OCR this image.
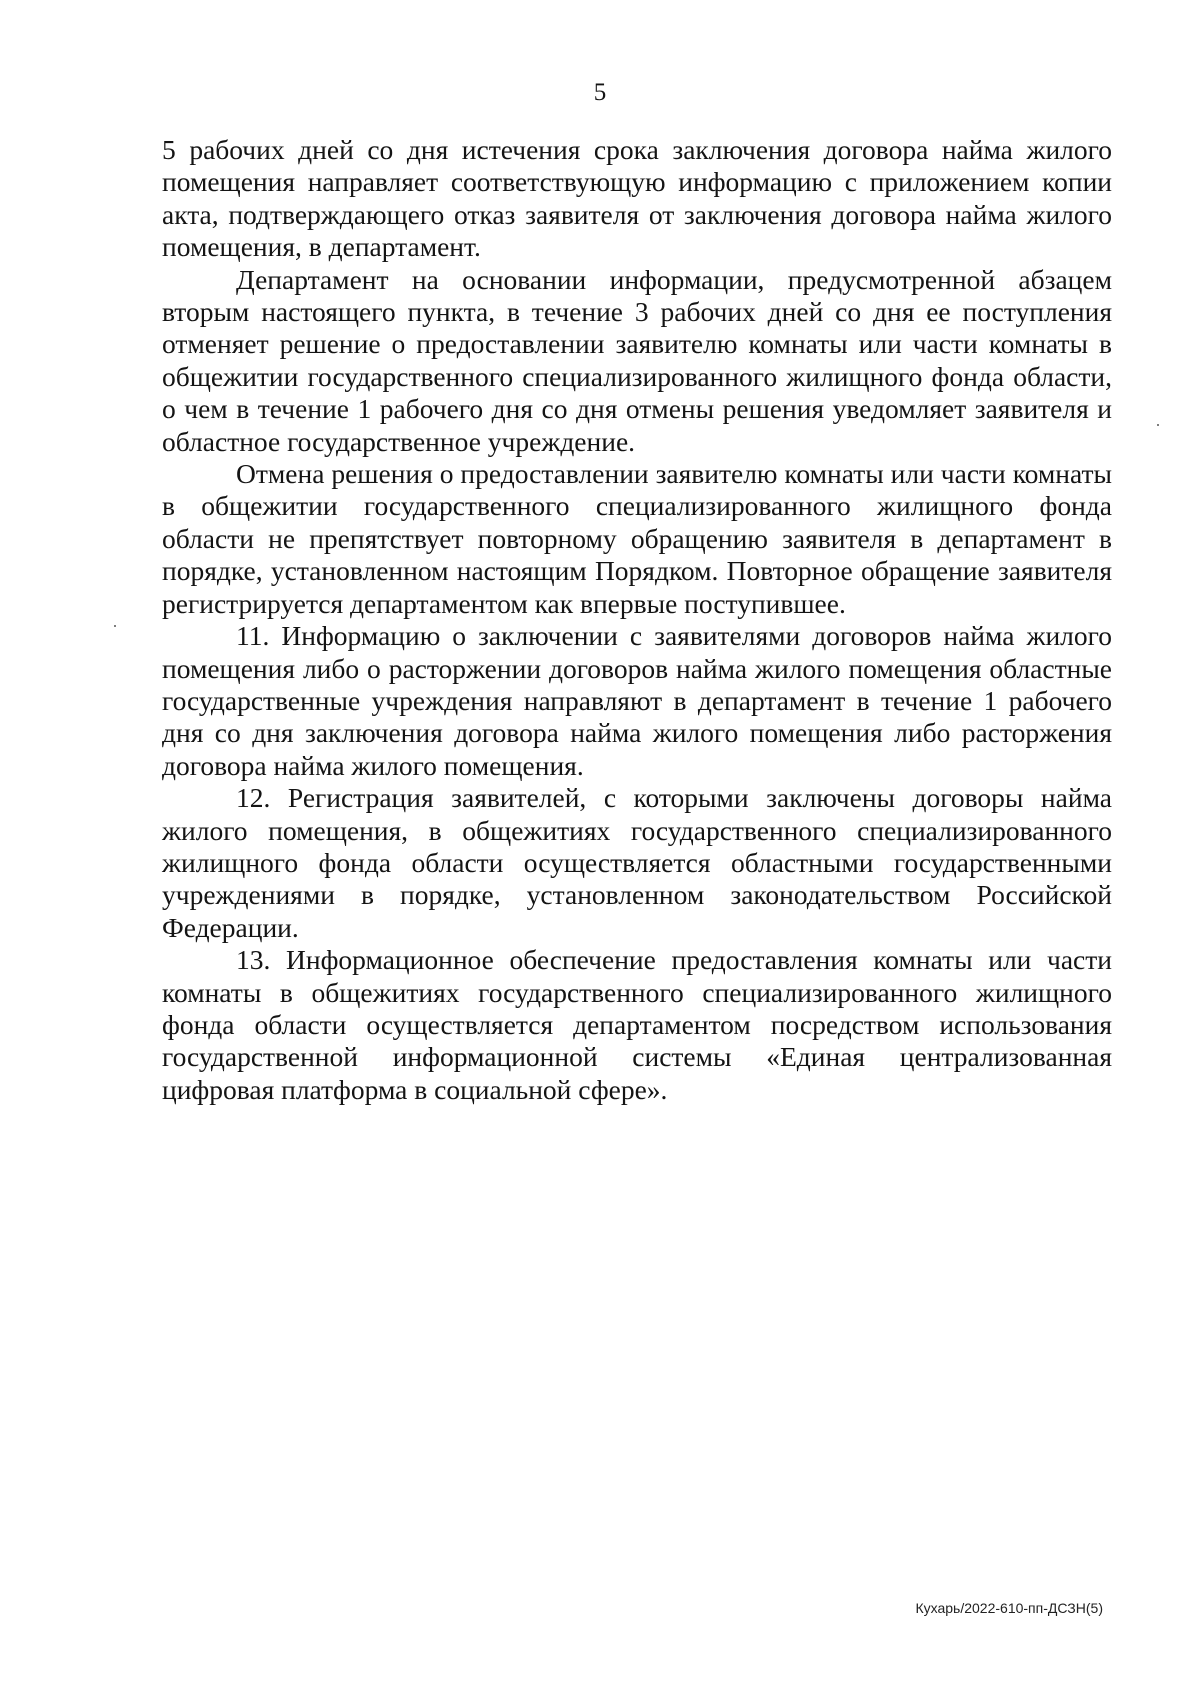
5

5 рабочих дней со дня истечения срока заключения договора найма жилого помещения направляет соответствующую информацию с приложением копии акта, подтверждающего отказ заявителя от заключения договора найма жилого помещения, в департамент.

Департамент на основании информации, предусмотренной абзацем вторым настоящего пункта, в течение 3 рабочих дней со дня ее поступления отменяет решение о предоставлении заявителю комнаты или части комнаты в общежитии государственного специализированного жилищного фонда области, о чем в течение 1 рабочего дня со дня отмены решения уведомляет заявителя и областное государственное учреждение.

Отмена решения о предоставлении заявителю комнаты или части комнаты в общежитии государственного специализированного жилищного фонда области не препятствует повторному обращению заявителя в департамент в порядке, установленном настоящим Порядком. Повторное обращение заявителя регистрируется департаментом как впервые поступившее.

11. Информацию о заключении с заявителями договоров найма жилого помещения либо о расторжении договоров найма жилого помещения областные государственные учреждения направляют в департамент в течение 1 рабочего дня со дня заключения договора найма жилого помещения либо расторжения договора найма жилого помещения.

12. Регистрация заявителей, с которыми заключены договоры найма жилого помещения, в общежитиях государственного специализированного жилищного фонда области осуществляется областными государственными учреждениями в порядке, установленном законодательством Российской Федерации.

13. Информационное обеспечение предоставления комнаты или части комнаты в общежитиях государственного специализированного жилищного фонда области осуществляется департаментом посредством использования государственной информационной системы «Единая централизованная цифровая платформа в социальной сфере».

Кухарь/2022-610-пп-ДСЗН(5)
